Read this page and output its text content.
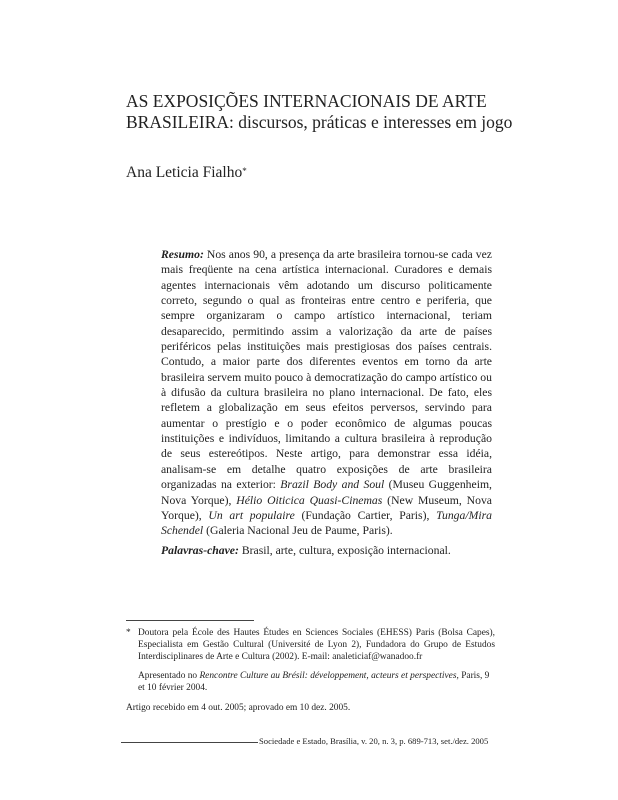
AS EXPOSIÇÕES INTERNACIONAIS DE ARTE BRASILEIRA: discursos, práticas e interesses em jogo
Ana Leticia Fialho*

Resumo: Nos anos 90, a presença da arte brasileira tornou-se cada vez mais freqüente na cena artística internacional. Curadores e demais agentes internacionais vêm adotando um discurso politicamente correto, segundo o qual as fronteiras entre centro e periferia, que sempre organizaram o campo artístico internacional, teriam desaparecido, permitindo assim a valorização da arte de países periféricos pelas instituições mais prestigiosas dos países centrais. Contudo, a maior parte dos diferentes eventos em torno da arte brasileira servem muito pouco à democratização do campo artístico ou à difusão da cultura brasileira no plano internacional. De fato, eles refletem a globalização em seus efeitos perversos, servindo para aumentar o prestígio e o poder econômico de algumas poucas instituições e indivíduos, limitando a cultura brasileira à reprodução de seus estereótipos. Neste artigo, para demonstrar essa idéia, analisam-se em detalhe quatro exposições de arte brasileira organizadas na exterior: Brazil Body and Soul (Museu Guggenheim, Nova Yorque), Hélio Oiticica Quasi-Cinemas (New Museum, Nova Yorque), Un art populaire (Fundação Cartier, Paris), Tunga/Mira Schendel (Galeria Nacional Jeu de Paume, Paris).

Palavras-chave: Brasil, arte, cultura, exposição internacional.

* Doutora pela École des Hautes Études en Sciences Sociales (EHESS) Paris (Bolsa Capes), Especialista em Gestão Cultural (Université de Lyon 2), Fundadora do Grupo de Estudos Interdisciplinares de Arte e Cultura (2002). E-mail: analeticiaf@wanadoo.fr

Apresentado no Rencontre Culture au Brésil: développement, acteurs et perspectives, Paris, 9 et 10 février 2004.

Artigo recebido em 4 out. 2005; aprovado em 10 dez. 2005.

Sociedade e Estado, Brasília, v. 20, n. 3, p. 689-713, set./dez. 2005
